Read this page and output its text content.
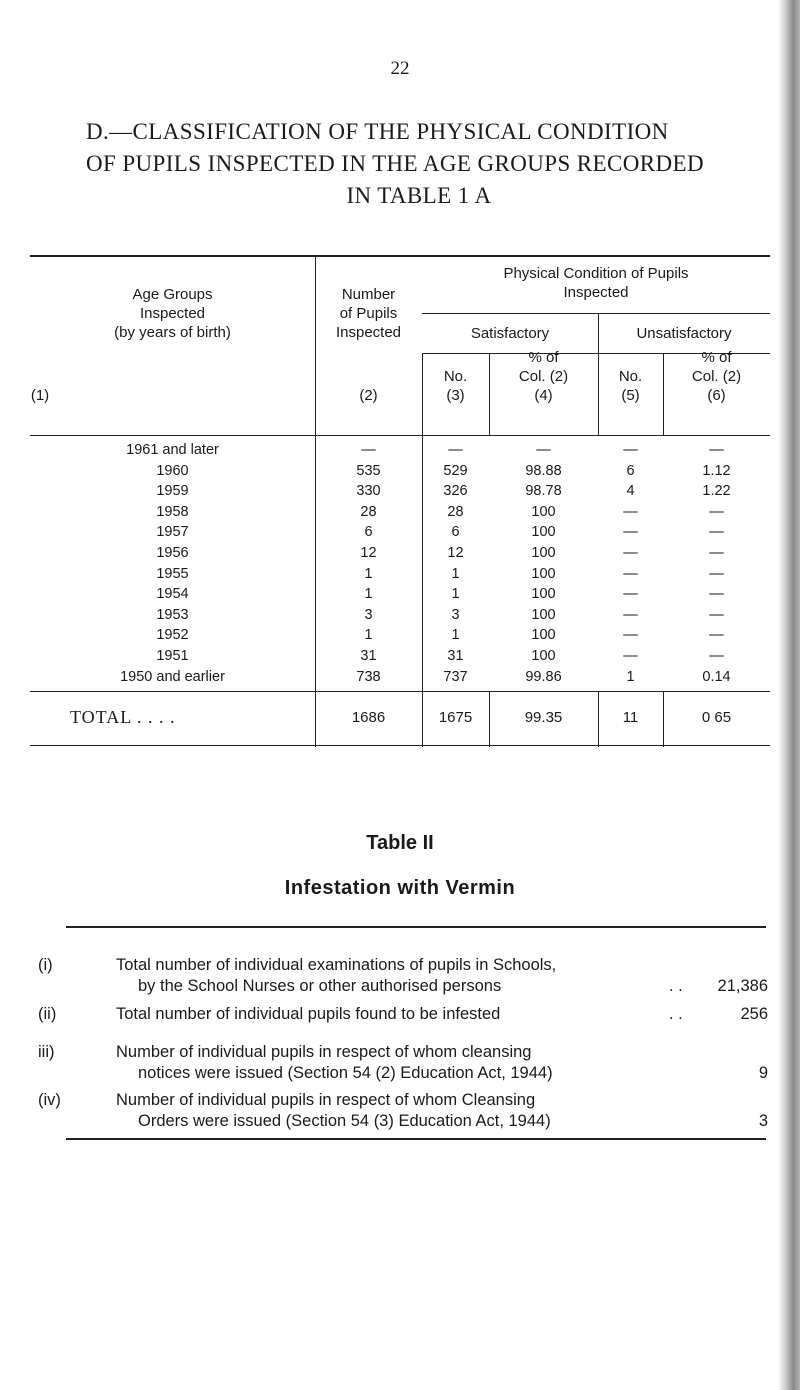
22
D.—CLASSIFICATION OF THE PHYSICAL CONDITION
OF PUPILS INSPECTED IN THE AGE GROUPS RECORDED
IN TABLE 1 A
Age Groups
Inspected
(by years of birth)
(1)
Number
of Pupils
Inspected
(2)
Physical Condition of Pupils
Inspected
Satisfactory	Unsatisfactory
No.
(3)
% of
Col. (2)
(4)
No.
(5)
% of
Col. (2)
(6)
1961 and later	—	—	—	—	—
1960	535	529	98.88	6	1.12
1959	330	326	98.78	4	1.22
1958	28	28	100	—	—
1957	6	6	100	—	—
1956	12	12	100	—	—
1955	1	1	100	—	—
1954	1	1	100	—	—
1953	3	3	100	—	—
1952	1	1	100	—	—
1951	31	31	100	—	—
1950 and earlier	738	737	99.86	1	0.14
TOTAL . . . .	1686	1675	99.35	11	0 65
Table II
Infestation with Vermin
(i)	Total number of individual examinations of pupils in Schools,
by the School Nurses or other authorised persons	. .	21,386
(ii)	Total number of individual pupils found to be infested	. .	256
iii)	Number of individual pupils in respect of whom cleansing
notices were issued (Section 54 (2) Education Act, 1944)	9
(iv)	Number of individual pupils in respect of whom Cleansing
Orders were issued (Section 54 (3) Education Act, 1944)	3
